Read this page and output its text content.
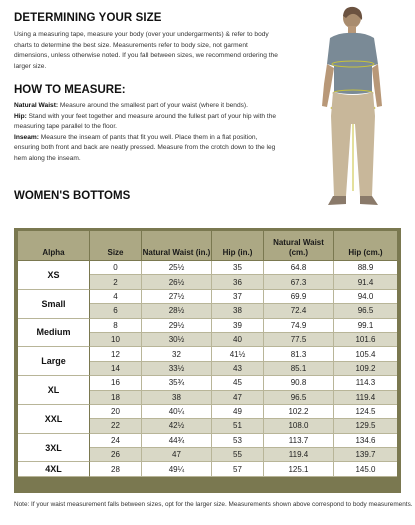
DETERMINING YOUR SIZE
Using a measuring tape, measure your body (over your undergarments) & refer to body charts to determine the best size. Measurements refer to body size, not garment dimensions, unless otherwise noted. If you fall between sizes, we recommend ordering the larger size.
HOW TO MEASURE:

Natural Waist: Measure around the smallest part of your waist (where it bends).

Hip: Stand with your feet together and measure around the fullest part of your hip with the measuring tape parallel to the floor.

Inseam: Measure the inseam of pants that fit you well. Place them in a flat position, ensuring both front and back are neatly pressed. Measure from the crotch down to the leg hem along the inseam.

WOMEN'S BOTTOMS
Alpha	Size	Natural Waist (in.)	Hip (in.)	Natural Waist (cm.)	Hip (cm.)
XS	0	25½	35	64.8	88.9
	2	26½	36	67.3	91.4
Small	4	27½	37	69.9	94.0
	6	28½	38	72.4	96.5
Medium	8	29½	39	74.9	99.1
	10	30½	40	77.5	101.6
Large	12	32	41½	81.3	105.4
	14	33½	43	85.1	109.2
XL	16	35¾	45	90.8	114.3
	18	38	47	96.5	119.4
XXL	20	40¼	49	102.2	124.5
	22	42½	51	108.0	129.5
3XL	24	44¾	53	113.7	134.6
	26	47	55	119.4	139.7
4XL	28	49¼	57	125.1	145.0
Note: If your waist measurement falls between sizes, opt for the larger size. Measurements shown above correspond to body measurements.
